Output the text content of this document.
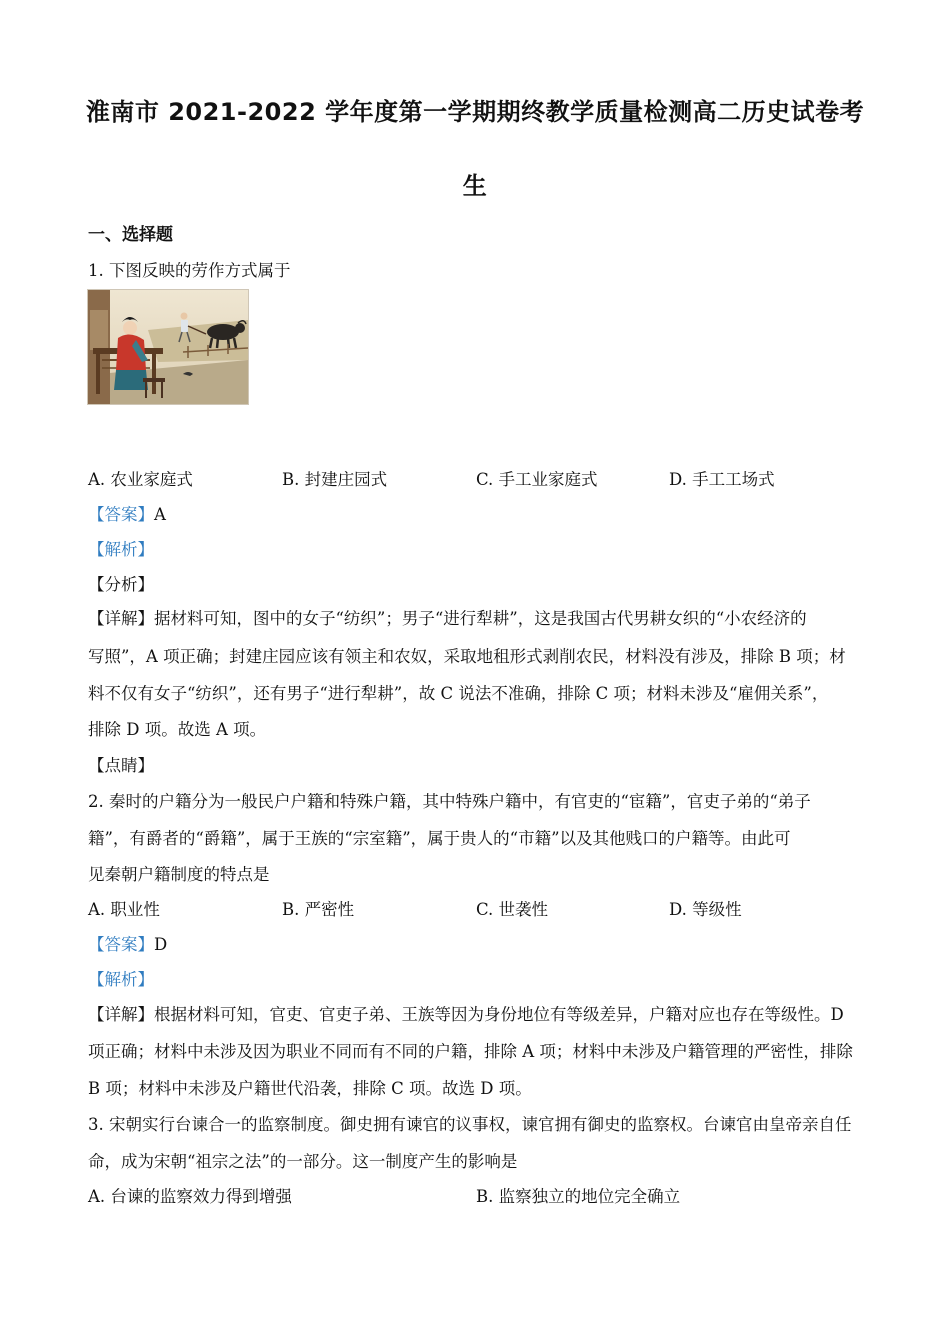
淮南市 2021-2022 学年度第一学期期终教学质量检测高二历史试卷考
生
一、选择题
1. 下图反映的劳作方式属于
A. 农业家庭式	B. 封建庄园式	C. 手工业家庭式	D. 手工工场式
【答案】A
【解析】
【分析】
【详解】据材料可知，图中的女子“纺织”；男子“进行犁耕”，这是我国古代男耕女织的“小农经济的
写照”，A 项正确；封建庄园应该有领主和农奴，采取地租形式剥削农民，材料没有涉及，排除 B 项；材
料不仅有女子“纺织”，还有男子“进行犁耕”，故 C 说法不准确，排除 C 项；材料未涉及“雇佣关系”，
排除 D 项。故选 A 项。
【点睛】
2. 秦时的户籍分为一般民户户籍和特殊户籍，其中特殊户籍中，有官吏的“宦籍”，官吏子弟的“弟子
籍”，有爵者的“爵籍”，属于王族的“宗室籍”，属于贵人的“市籍”以及其他贱口的户籍等。由此可
见秦朝户籍制度的特点是
A. 职业性	B. 严密性	C. 世袭性	D. 等级性
【答案】D
【解析】
【详解】根据材料可知，官吏、官吏子弟、王族等因为身份地位有等级差异，户籍对应也存在等级性。D
项正确；材料中未涉及因为职业不同而有不同的户籍，排除 A 项；材料中未涉及户籍管理的严密性，排除
B 项；材料中未涉及户籍世代沿袭，排除 C 项。故选 D 项。
3. 宋朝实行台谏合一的监察制度。御史拥有谏官的议事权，谏官拥有御史的监察权。台谏官由皇帝亲自任
命，成为宋朝“祖宗之法”的一部分。这一制度产生的影响是
A. 台谏的监察效力得到增强	B. 监察独立的地位完全确立
